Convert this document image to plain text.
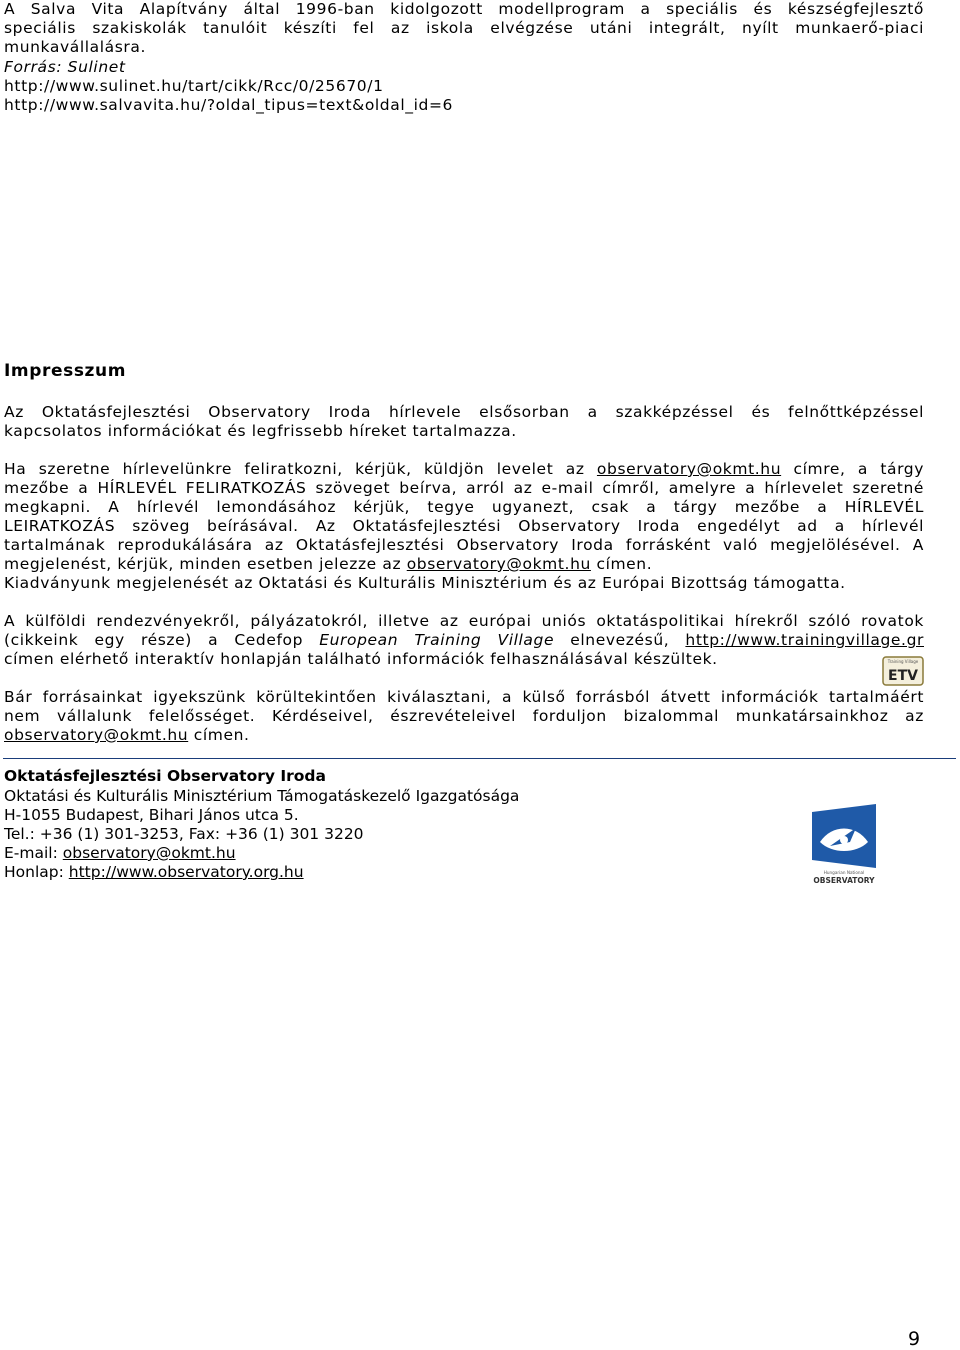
A Salva Vita Alapítvány által 1996-ban kidolgozott modellprogram a speciális és készségfejlesztő
speciális szakiskolák tanulóit készíti fel az iskola elvégzése utáni integrált, nyílt munkaerő-piaci
munkavállalásra.
Forrás: Sulinet
http://www.sulinet.hu/tart/cikk/Rcc/0/25670/1
http://www.salvavita.hu/?oldal_tipus=text&oldal_id=6
Impresszum
Az Oktatásfejlesztési Observatory Iroda hírlevele elsősorban a szakképzéssel és felnőttképzéssel
kapcsolatos információkat és legfrissebb híreket tartalmazza.
Ha szeretne hírlevelünkre feliratkozni, kérjük, küldjön levelet az observatory@okmt.hu címre, a tárgy
mezőbe a HÍRLEVÉL FELIRATKOZÁS szöveget beírva, arról az e-mail címről, amelyre a hírlevelet szeretné
megkapni. A hírlevél lemondásához kérjük, tegye ugyanezt, csak a tárgy mezőbe a HÍRLEVÉL
LEIRATKOZÁS szöveg beírásával. Az Oktatásfejlesztési Observatory Iroda engedélyt ad a hírlevél
tartalmának reprodukálására az Oktatásfejlesztési Observatory Iroda forrásként való megjelölésével. A
megjelenést, kérjük, minden esetben jelezze az observatory@okmt.hu címen.
Kiadványunk megjelenését az Oktatási és Kulturális Minisztérium és az Európai Bizottság támogatta.
A külföldi rendezvényekről, pályázatokról, illetve az európai uniós oktatáspolitikai hírekről szóló rovatok
(cikkeink egy része) a Cedefop European Training Village elnevezésű, http://www.trainingvillage.gr
címen elérhető interaktív honlapján található információk felhasználásával készültek.	Training Village
ETV
Bár forrásainkat igyekszünk körültekintően kiválasztani, a külső forrásból átvett információk tartalmáért
nem vállalunk felelősséget. Kérdéseivel, észrevételeivel forduljon bizalommal munkatársainkhoz az
observatory@okmt.hu címen.
Oktatásfejlesztési Observatory Iroda
Oktatási és Kulturális Minisztérium Támogatáskezelő Igazgatósága
H-1055 Budapest, Bihari János utca 5.
Tel.: +36 (1) 301-3253, Fax: +36 (1) 301 3220
E-mail: observatory@okmt.hu
Honlap: http://www.observatory.org.hu	Hungarian National
OBSERVATORY
9
